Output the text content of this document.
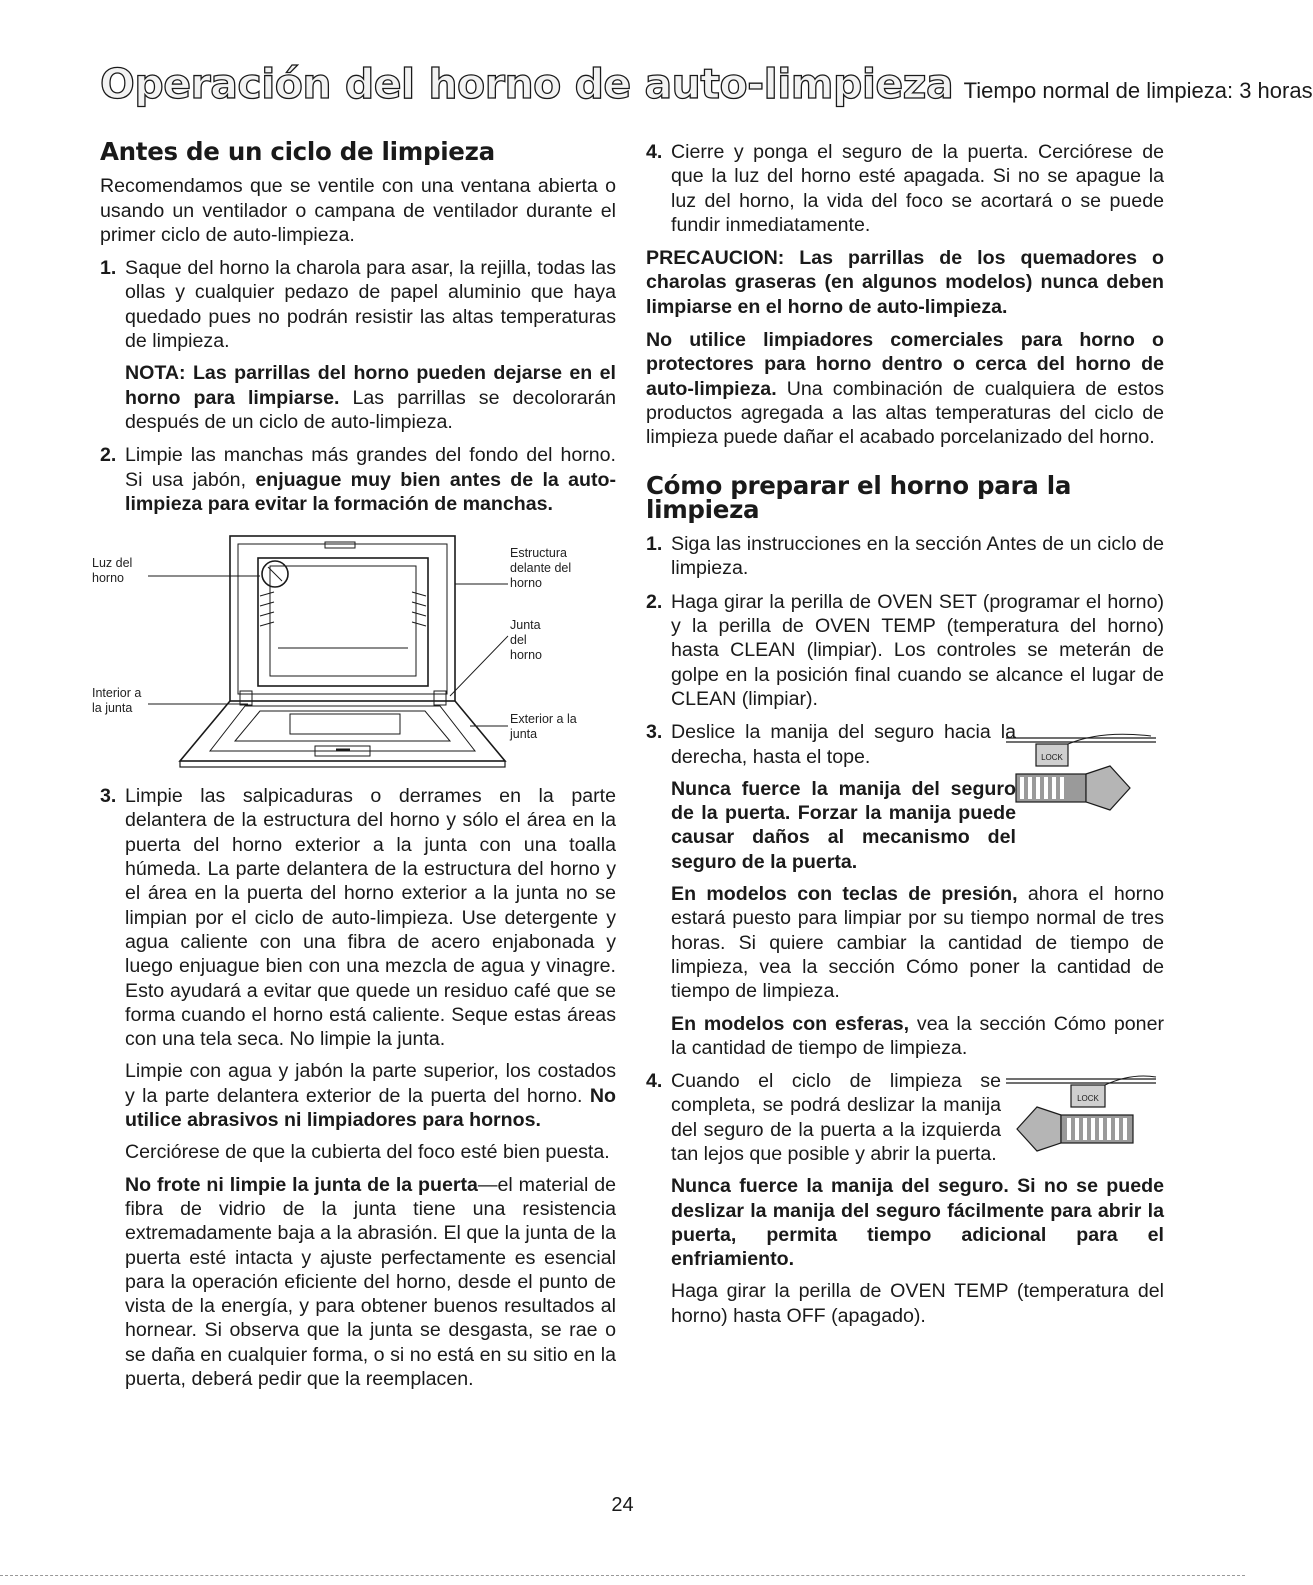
Operación del horno de auto-limpieza Tiempo normal de limpieza: 3 horas
Antes de un ciclo de limpieza

Recomendamos que se ventile con una ventana abierta o usando un ventilador o campana de ventilador durante el primer ciclo de auto-limpieza.

1. Saque del horno la charola para asar, la rejilla, todas las ollas y cualquier pedazo de papel aluminio que haya quedado pues no podrán resistir las altas temperaturas de limpieza.

NOTA: Las parrillas del horno pueden dejarse en el horno para limpiarse. Las parrillas se decolorarán después de un ciclo de auto-limpieza.

2. Limpie las manchas más grandes del fondo del horno. Si usa jabón, enjuague muy bien antes de la auto-limpieza para evitar la formación de manchas.

Luz del horno
Estructura delante del horno
Junta del horno
Interior a la junta
Exterior a la junta
3. Limpie las salpicaduras o derrames en la parte delantera de la estructura del horno y sólo el área en la puerta del horno exterior a la junta con una toalla húmeda. La parte delantera de la estructura del horno y el área en la puerta del horno exterior a la junta no se limpian por el ciclo de auto-limpieza. Use detergente y agua caliente con una fibra de acero enjabonada y luego enjuague bien con una mezcla de agua y vinagre. Esto ayudará a evitar que quede un residuo café que se forma cuando el horno está caliente. Seque estas áreas con una tela seca. No limpie la junta.

Limpie con agua y jabón la parte superior, los costados y la parte delantera exterior de la puerta del horno. No utilice abrasivos ni limpiadores para hornos.

Cerciórese de que la cubierta del foco esté bien puesta.

No frote ni limpie la junta de la puerta—el material de fibra de vidrio de la junta tiene una resistencia extremadamente baja a la abrasión. El que la junta de la puerta esté intacta y ajuste perfectamente es esencial para la operación eficiente del horno, desde el punto de vista de la energía, y para obtener buenos resultados al hornear. Si observa que la junta se desgasta, se rae o se daña en cualquier forma, o si no está en su sitio en la puerta, deberá pedir que la reemplacen.

4. Cierre y ponga el seguro de la puerta. Cerciórese de que la luz del horno esté apagada. Si no se apague la luz del horno, la vida del foco se acortará o se puede fundir inmediatamente.

PRECAUCION: Las parrillas de los quemadores o charolas graseras (en algunos modelos) nunca deben limpiarse en el horno de auto-limpieza.

No utilice limpiadores comerciales para horno o protectores para horno dentro o cerca del horno de auto-limpieza. Una combinación de cualquiera de estos productos agregada a las altas temperaturas del ciclo de limpieza puede dañar el acabado porcelanizado del horno.

Cómo preparar el horno para la limpieza
1. Siga las instrucciones en la sección Antes de un ciclo de limpieza.

2. Haga girar la perilla de OVEN SET (programar el horno) y la perilla de OVEN TEMP (temperatura del horno) hasta CLEAN (limpiar). Los controles se meterán de golpe en la posición final cuando se alcance el lugar de CLEAN (limpiar).

3. Deslice la manija del seguro hacia la derecha, hasta el tope.

Nunca fuerce la manija del seguro de la puerta. Forzar la manija puede causar daños al mecanismo del seguro de la puerta.

LOCK

En modelos con teclas de presión, ahora el horno estará puesto para limpiar por su tiempo normal de tres horas. Si quiere cambiar la cantidad de tiempo de limpieza, vea la sección Cómo poner la cantidad de tiempo de limpieza.

En modelos con esferas, vea la sección Cómo poner la cantidad de tiempo de limpieza.

4. Cuando el ciclo de limpieza se completa, se podrá deslizar la manija del seguro de la puerta a la izquierda tan lejos que posible y abrir la puerta.

LOCK

Nunca fuerce la manija del seguro. Si no se puede deslizar la manija del seguro fácilmente para abrir la puerta, permita tiempo adicional para el enfriamiento.

Haga girar la perilla de OVEN TEMP (temperatura del horno) hasta OFF (apagado).

24
